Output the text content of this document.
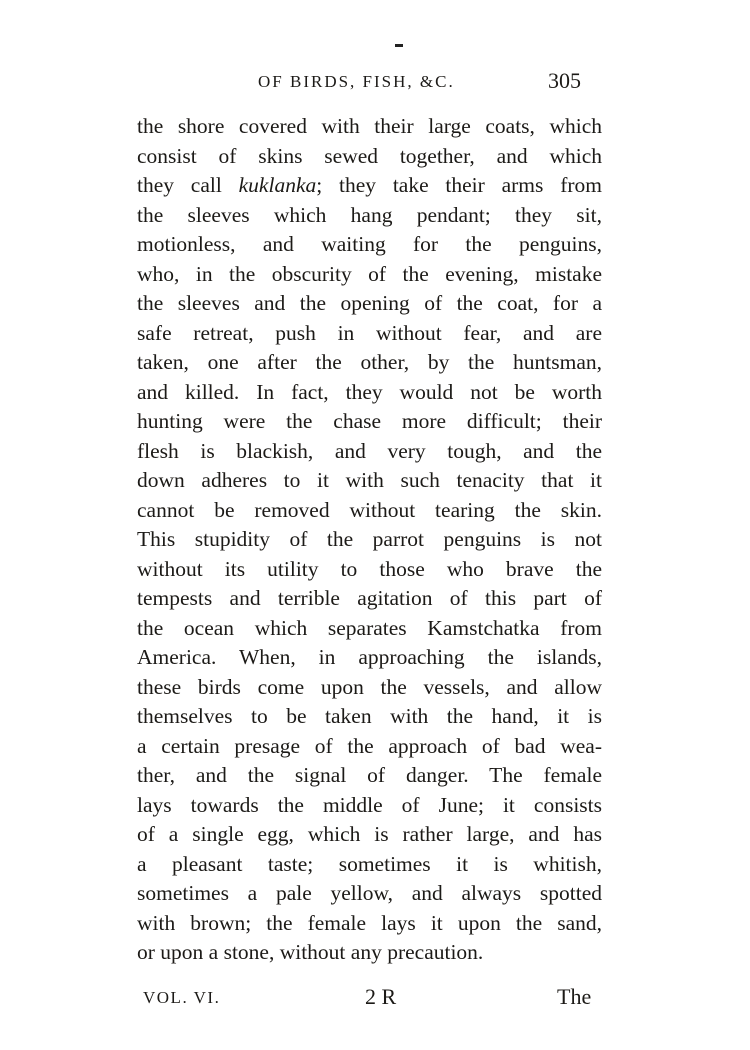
OF BIRDS, FISH, &C.	305
the shore covered with their large coats, which
consist of skins sewed together, and which
they call kuklanka; they take their arms from
the sleeves which hang pendant; they sit,
motionless, and waiting for the penguins,
who, in the obscurity of the evening, mistake
the sleeves and the opening of the coat, for a
safe retreat, push in without fear, and are
taken, one after the other, by the huntsman,
and killed. In fact, they would not be worth
hunting were the chase more difficult; their
flesh is blackish, and very tough, and the
down adheres to it with such tenacity that it
cannot be removed without tearing the skin.
This stupidity of the parrot penguins is not
without its utility to those who brave the
tempests and terrible agitation of this part of
the ocean which separates Kamstchatka from
America. When, in approaching the islands,
these birds come upon the vessels, and allow
themselves to be taken with the hand, it is
a certain presage of the approach of bad wea-
ther, and the signal of danger. The female
lays towards the middle of June; it consists
of a single egg, which is rather large, and has
a pleasant taste; sometimes it is whitish,
sometimes a pale yellow, and always spotted
with brown; the female lays it upon the sand,
or upon a stone, without any precaution.
VOL. VI.	2 R	The
